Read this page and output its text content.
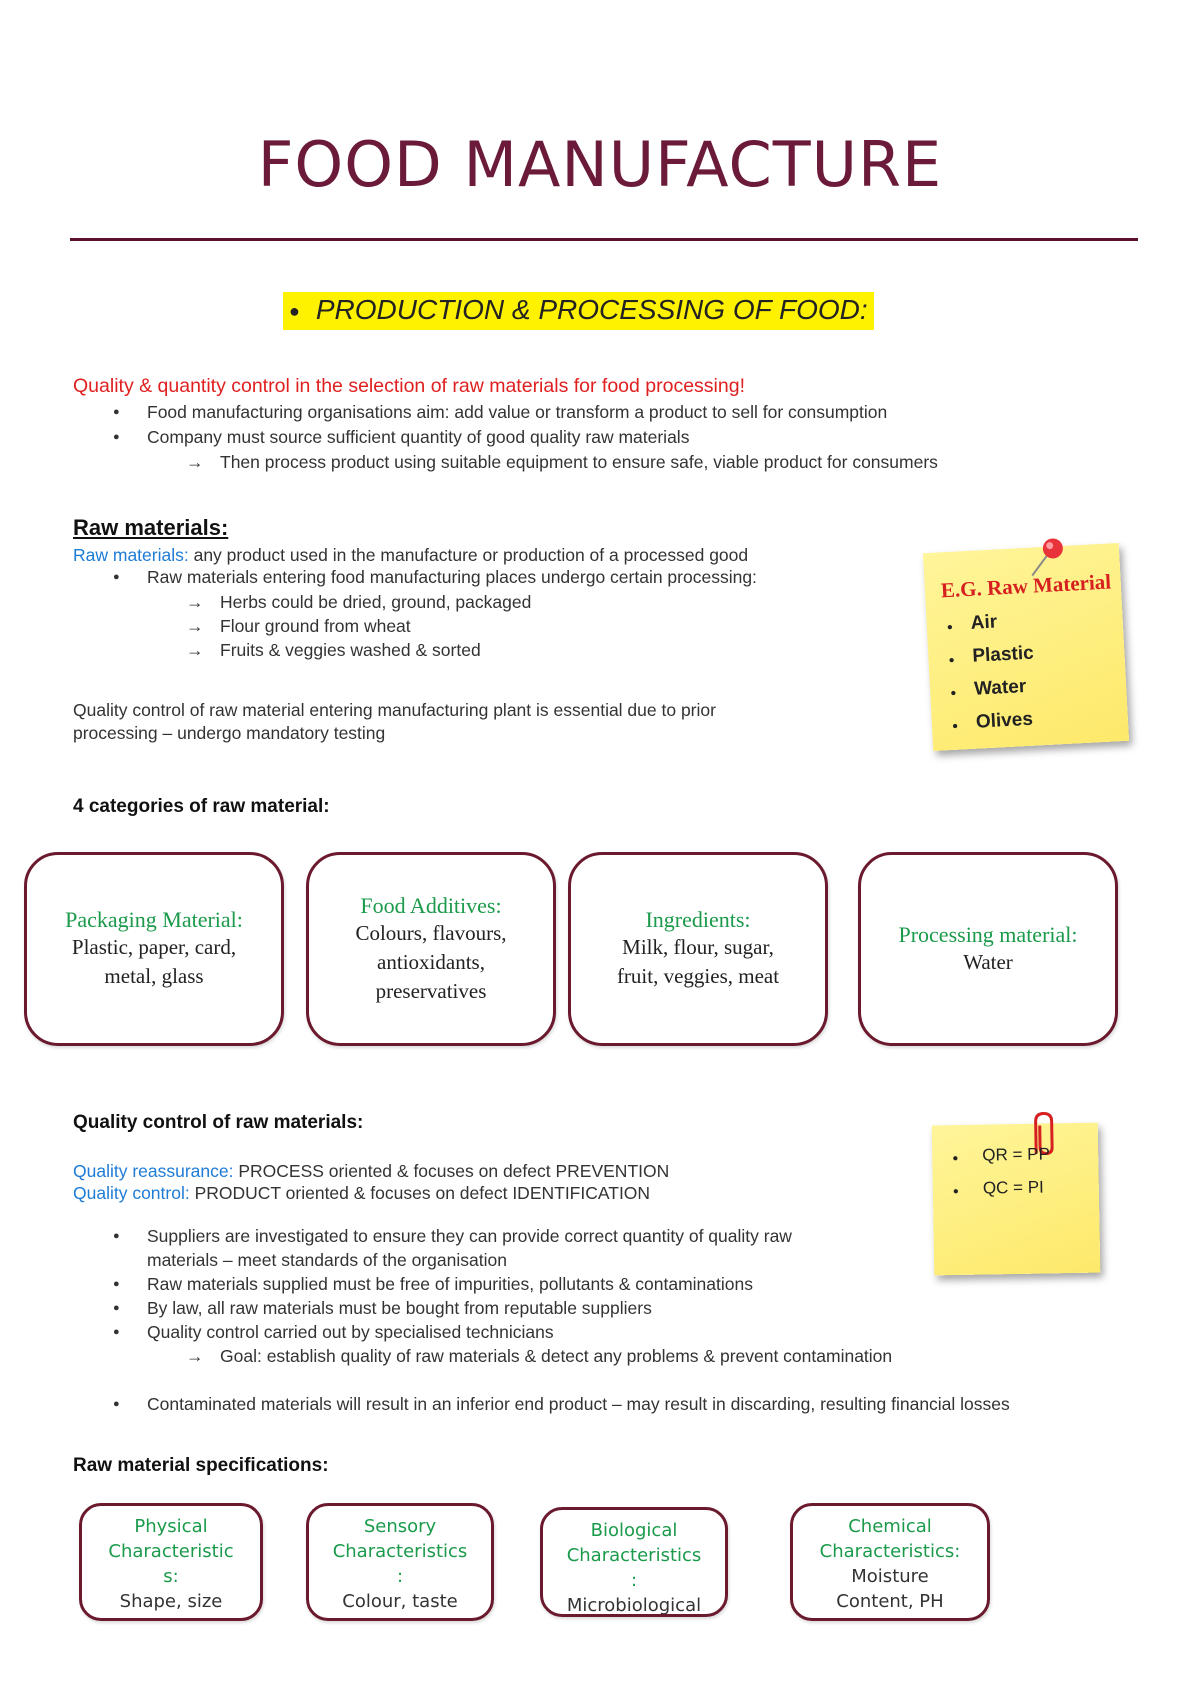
FOOD MANUFACTURE
● PRODUCTION & PROCESSING OF FOOD:
Quality & quantity control in the selection of raw materials for food processing!
● Food manufacturing organisations aim: add value or transform a product to sell for consumption
● Company must source sufficient quantity of good quality raw materials
→ Then process product using suitable equipment to ensure safe, viable product for consumers
Raw materials:
Raw materials: any product used in the manufacture or production of a processed good
● Raw materials entering food manufacturing places undergo certain processing:
→ Herbs could be dried, ground, packaged
→ Flour ground from wheat
→ Fruits & veggies washed & sorted
Quality control of raw material entering manufacturing plant is essential due to prior
processing – undergo mandatory testing
E.G. Raw Material
● Air
● Plastic
● Water
● Olives
4 categories of raw material:
Packaging Material:
Plastic, paper, card,
metal, glass
Food Additives:
Colours, flavours,
antioxidants,
preservatives
Ingredients:
Milk, flour, sugar,
fruit, veggies, meat
Processing material:
Water
Quality control of raw materials:
Quality reassurance: PROCESS oriented & focuses on defect PREVENTION
Quality control: PRODUCT oriented & focuses on defect IDENTIFICATION
● Suppliers are investigated to ensure they can provide correct quantity of quality raw
materials – meet standards of the organisation
● Raw materials supplied must be free of impurities, pollutants & contaminations
● By law, all raw materials must be bought from reputable suppliers
● Quality control carried out by specialised technicians
→ Goal: establish quality of raw materials & detect any problems & prevent contamination
● Contaminated materials will result in an inferior end product – may result in discarding, resulting financial losses
● QR = PP
● QC = PI
Raw material specifications:
Physical
Characteristic
s:
Shape, size
Sensory
Characteristics
:
Colour, taste
Biological
Characteristics
:
Microbiological
Chemical
Characteristics:
Moisture
Content, PH
